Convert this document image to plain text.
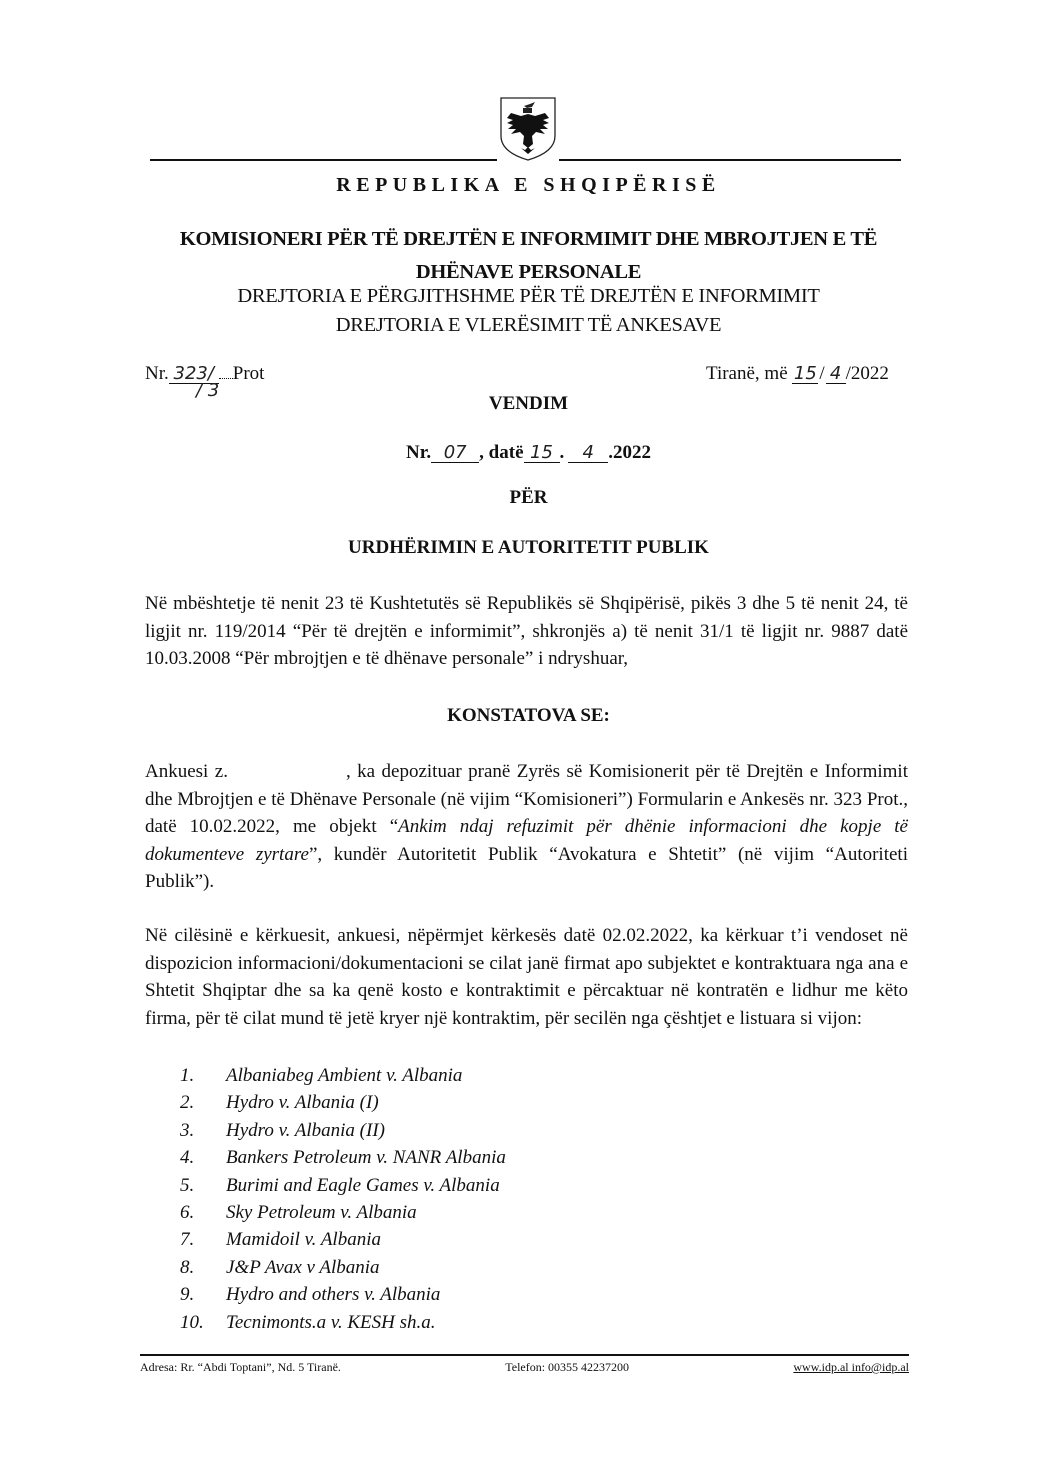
REPUBLIKA E SHQIPËRISË
KOMISIONERI PËR TË DREJTËN E INFORMIMIT DHE MBROJTJEN E TË
DHËNAVE PERSONALE
DREJTORIA E PËRGJITHSHME PËR TË DREJTËN E INFORMIMIT
DREJTORIA E VLERËSIMIT TË ANKESAVE
Nr. 323/ Prot
/ 3
Tiranë, më 15 / 4 /2022
VENDIM
Nr. 07 , datë 15 . 4 .2022
PËR
URDHËRIMIN E AUTORITETIT PUBLIK
Në mbështetje të nenit 23 të Kushtetutës së Republikës së Shqipërisë, pikës 3 dhe 5 të nenit 24, të ligjit nr. 119/2014 “Për të drejtën e informimit”, shkronjës a) të nenit 31/1 të ligjit nr. 9887 datë 10.03.2008 “Për mbrojtjen e të dhënave personale” i ndryshuar,
KONSTATOVA SE:
Ankuesi z.	, ka depozituar pranë Zyrës së Komisionerit për të Drejtën e Informimit dhe Mbrojtjen e të Dhënave Personale (në vijim “Komisioneri”) Formularin e Ankesës nr. 323 Prot., datë 10.02.2022, me objekt “Ankim ndaj refuzimit për dhënie informacioni dhe kopje të dokumenteve zyrtare”, kundër Autoritetit Publik “Avokatura e Shtetit” (në vijim “Autoriteti Publik”).
Në cilësinë e kërkuesit, ankuesi, nëpërmjet kërkesës datë 02.02.2022, ka kërkuar t’i vendoset në dispozicion informacioni/dokumentacioni se cilat janë firmat apo subjektet e kontraktuara nga ana e Shtetit Shqiptar dhe sa ka qenë kosto e kontraktimit e përcaktuar në kontratën e lidhur me këto firma, për të cilat mund të jetë kryer një kontraktim, për secilën nga çështjet e listuara si vijon:
1.	Albaniabeg Ambient v. Albania
2.	Hydro v. Albania (I)
3.	Hydro v. Albania (II)
4.	Bankers Petroleum v. NANR Albania
5.	Burimi and Eagle Games v. Albania
6.	Sky Petroleum v. Albania
7.	Mamidoil v. Albania
8.	J&P Avax v Albania
9.	Hydro and others v. Albania
10.	Tecnimonts.a v. KESH sh.a.
Adresa: Rr. “Abdi Toptani”, Nd. 5 Tiranë.	Telefon: 00355 42237200	www.idp.al info@idp.al
